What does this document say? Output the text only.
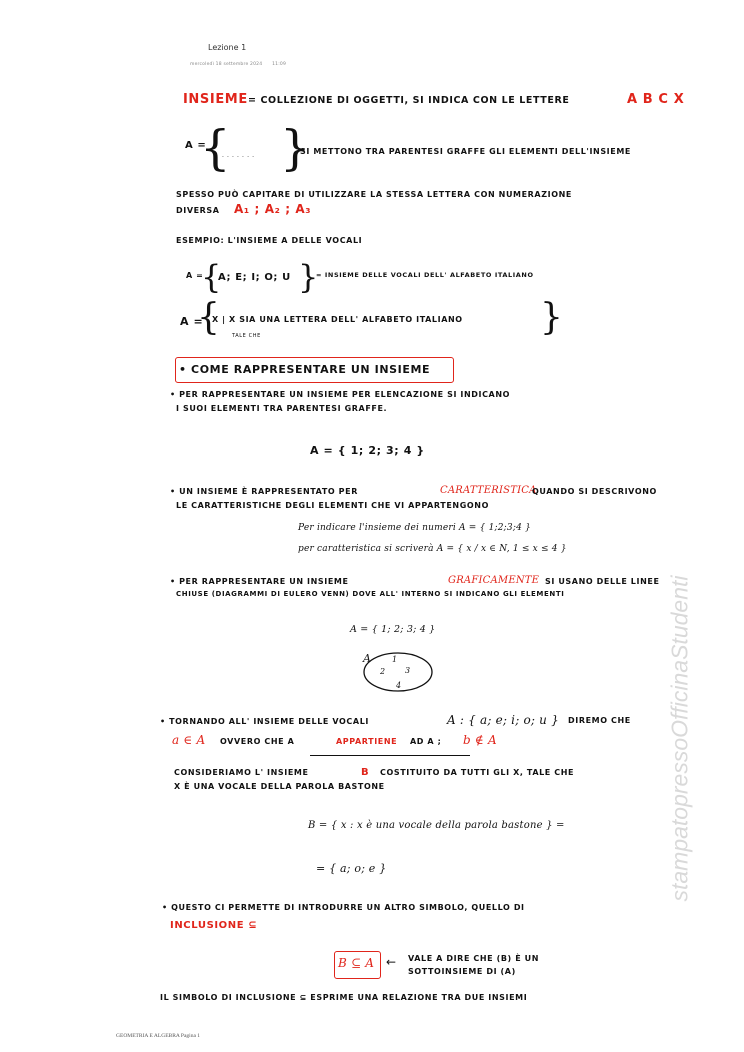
Lezione 1
mercoledì 18 settembre 2024 11:09
INSIEME = COLLEZIONE DI OGGETTI, SI INDICA CON LE LETTERE	A B C X
A =
{
. . . . . . . }
SI METTONO TRA PARENTESI GRAFFE GLI ELEMENTI DELL'INSIEME
SPESSO PUÒ CAPITARE DI UTILIZZARE LA STESSA LETTERA CON NUMERAZIONE
DIVERSA A₁ ; A₂ ; A₃
ESEMPIO: L'INSIEME A DELLE VOCALI
A =
{
A; E; I; O; U }
= INSIEME DELLE VOCALI DELL' ALFABETO ITALIANO
A =
{
X | X SIA UNA LETTERA DELL' ALFABETO ITALIANO
TALE CHE	}
• COME RAPPRESENTARE UN INSIEME
• PER RAPPRESENTARE UN INSIEME PER ELENCAZIONE SI INDICANO
I SUOI ELEMENTI TRA PARENTESI GRAFFE.
A = { 1; 2; 3; 4 }
• UN INSIEME È RAPPRESENTATO PER	CARATTERISTICA
QUANDO SI DESCRIVONO
LE CARATTERISTICHE DEGLI ELEMENTI CHE VI APPARTENGONO
Per indicare l'insieme dei numeri A = { 1;2;3;4 }
per caratteristica si scriverà A = { x / x ∈ N, 1 ≤ x ≤ 4 }
• PER RAPPRESENTARE UN INSIEME	GRAFICAMENTE SI USANO DELLE LINEE
CHIUSE (DIAGRAMMI DI EULERO VENN) DOVE ALL' INTERNO SI INDICANO GLI ELEMENTI
A = { 1; 2; 3; 4 }
A	1
2 3
4
• TORNANDO ALL' INSIEME DELLE VOCALI	A : { a; e; i; o; u } DIREMO CHE
a ∈ A OVVERO CHE A	APPARTIENE AD A ; b ∉ A
CONSIDERIAMO L' INSIEME	B COSTITUITO DA TUTTI GLI X, TALE CHE
X È UNA VOCALE DELLA PAROLA BASTONE
B = { x : x è una vocale della parola bastone } =
= { a; o; e }
• QUESTO CI PERMETTE DI INTRODURRE UN ALTRO SIMBOLO, QUELLO DI
INCLUSIONE ⊆
B ⊆ A ← VALE A DIRE CHE (B) È UN
SOTTOINSIEME DI (A)
IL SIMBOLO DI INCLUSIONE ⊆ ESPRIME UNA RELAZIONE TRA DUE INSIEMI
stampatopressoOfficinaStudenti
GEOMETRIA E ALGEBRA Pagina 1
